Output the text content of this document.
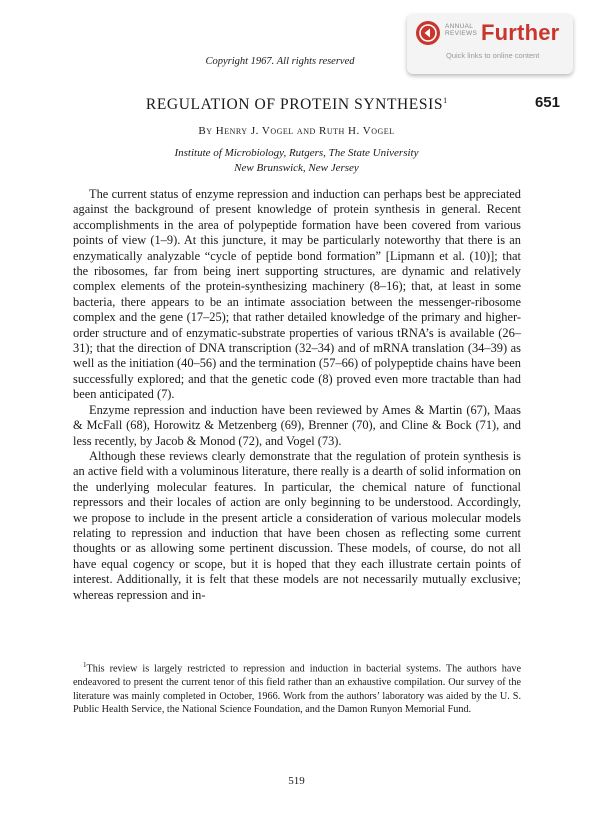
Copyright 1967. All rights reserved
ANNUAL
REVIEWS Further
Quick links to online content
651
REGULATION OF PROTEIN SYNTHESIS$^1$
By Henry J. Vogel and Ruth H. Vogel
Institute of Microbiology, Rutgers, The State University
New Brunswick, New Jersey

The current status of enzyme repression and induction can perhaps best be appreciated against the background of present knowledge of protein synthesis in general. Recent accomplishments in the area of polypeptide formation have been covered from various points of view (1–9). At this juncture, it may be particularly noteworthy that there is an enzymatically analyzable “cycle of peptide bond formation” [Lipmann et al. (10)]; that the ribosomes, far from being inert supporting structures, are dynamic and relatively complex elements of the protein-synthesizing machinery (8–16); that, at least in some bacteria, there appears to be an intimate association between the messenger-ribosome complex and the gene (17–25); that rather detailed knowledge of the primary and higher-order structure and of enzymatic-substrate properties of various tRNA’s is available (26–31); that the direction of DNA transcription (32–34) and of mRNA translation (34–39) as well as the initiation (40–56) and the termination (57–66) of polypeptide chains have been successfully explored; and that the genetic code (8) proved even more tractable than had been anticipated (7).

Enzyme repression and induction have been reviewed by Ames & Martin (67), Maas & McFall (68), Horowitz & Metzenberg (69), Brenner (70), and Cline & Bock (71), and less recently, by Jacob & Monod (72), and Vogel (73).

Although these reviews clearly demonstrate that the regulation of protein synthesis is an active field with a voluminous literature, there really is a dearth of solid information on the underlying molecular features. In particular, the chemical nature of functional repressors and their locales of action are only beginning to be understood. Accordingly, we propose to include in the present article a consideration of various molecular models relating to repression and induction that have been chosen as reflecting some current thoughts or as allowing some pertinent discussion. These models, of course, do not all have equal cogency or scope, but it is hoped that they each illustrate certain points of interest. Additionally, it is felt that these models are not necessarily mutually exclusive; whereas repression and in-

$^1$This review is largely restricted to repression and induction in bacterial systems. The authors have endeavored to present the current tenor of this field rather than an exhaustive compilation. Our survey of the literature was mainly completed in October, 1966. Work from the authors’ laboratory was aided by the U. S. Public Health Service, the National Science Foundation, and the Damon Runyon Memorial Fund.

519
